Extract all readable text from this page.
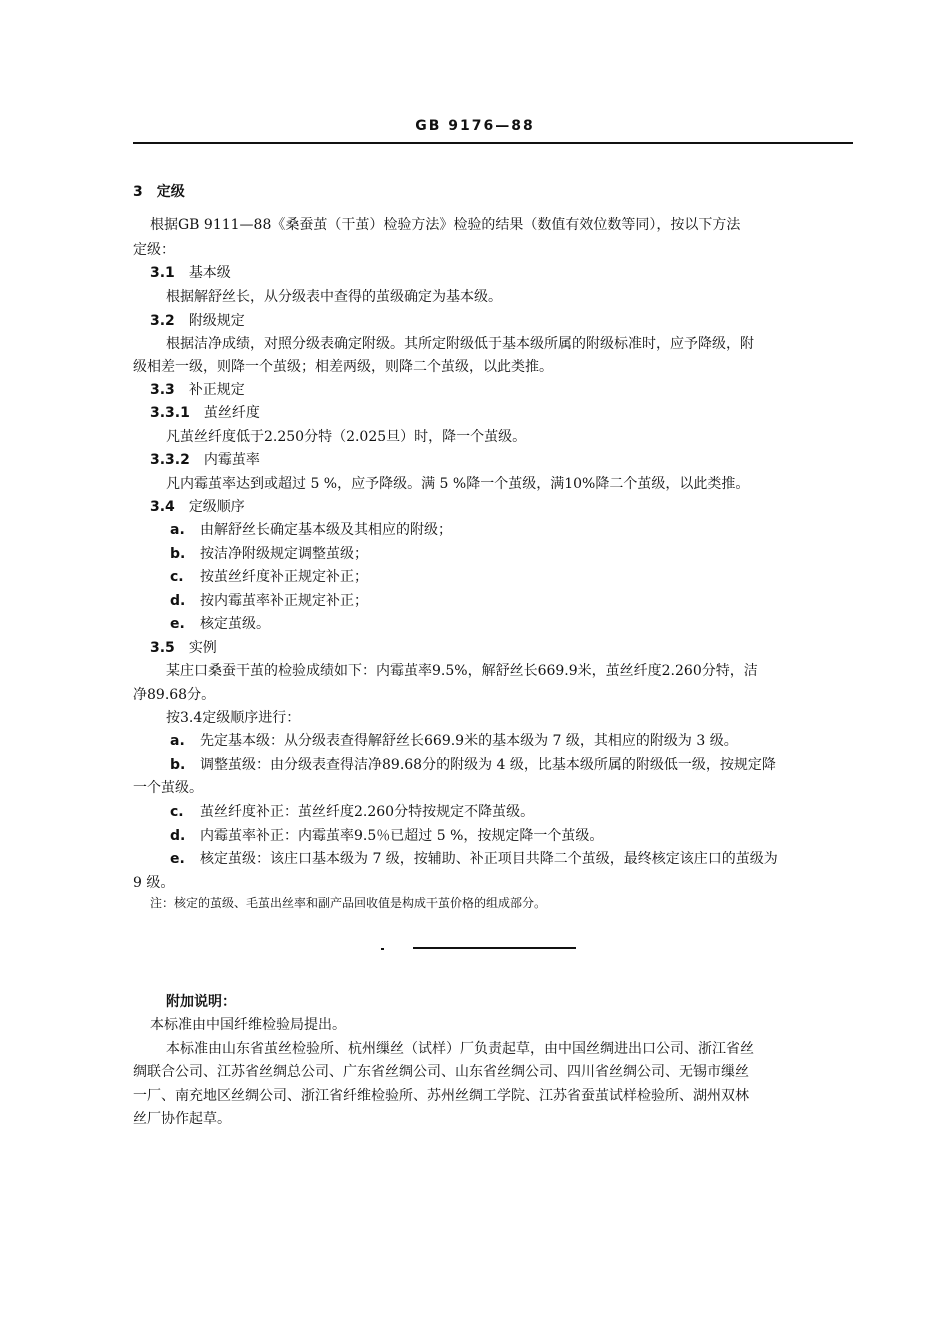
GB 9176—88
3 定级
根据GB 9111—88《桑蚕茧（干茧）检验方法》检验的结果（数值有效位数等同），按以下方法
定级：
3.1 基本级
根据解舒丝长，从分级表中查得的茧级确定为基本级。
3.2 附级规定
根据洁净成绩，对照分级表确定附级。其所定附级低于基本级所属的附级标准时，应予降级，附
级相差一级，则降一个茧级；相差两级，则降二个茧级，以此类推。
3.3 补正规定
3.3.1 茧丝纤度
凡茧丝纤度低于2.250分特（2.025旦）时，降一个茧级。
3.3.2 内霉茧率
凡内霉茧率达到或超过 5 %，应予降级。满 5 %降一个茧级，满10%降二个茧级，以此类推。
3.4 定级顺序
a. 由解舒丝长确定基本级及其相应的附级；
b. 按洁净附级规定调整茧级；
c. 按茧丝纤度补正规定补正；
d. 按内霉茧率补正规定补正；
e. 核定茧级。
3.5 实例
某庄口桑蚕干茧的检验成绩如下：内霉茧率9.5%，解舒丝长669.9米，茧丝纤度2.260分特，洁
净89.68分。
按3.4定级顺序进行：
a. 先定基本级：从分级表查得解舒丝长669.9米的基本级为 7 级，其相应的附级为 3 级。
b. 调整茧级：由分级表查得洁净89.68分的附级为 4 级，比基本级所属的附级低一级，按规定降
一个茧级。
c. 茧丝纤度补正：茧丝纤度2.260分特按规定不降茧级。
d. 内霉茧率补正：内霉茧率9.5％已超过 5 %，按规定降一个茧级。
e. 核定茧级：该庄口基本级为 7 级，按辅助、补正项目共降二个茧级，最终核定该庄口的茧级为
9 级。
注：核定的茧级、毛茧出丝率和副产品回收值是构成干茧价格的组成部分。
附加说明：
本标准由中国纤维检验局提出。
本标准由山东省茧丝检验所、杭州缫丝（试样）厂负责起草，由中国丝绸进出口公司、浙江省丝
绸联合公司、江苏省丝绸总公司、广东省丝绸公司、山东省丝绸公司、四川省丝绸公司、无锡市缫丝
一厂、南充地区丝绸公司、浙江省纤维检验所、苏州丝绸工学院、江苏省蚕茧试样检验所、湖州双林
丝厂协作起草。
